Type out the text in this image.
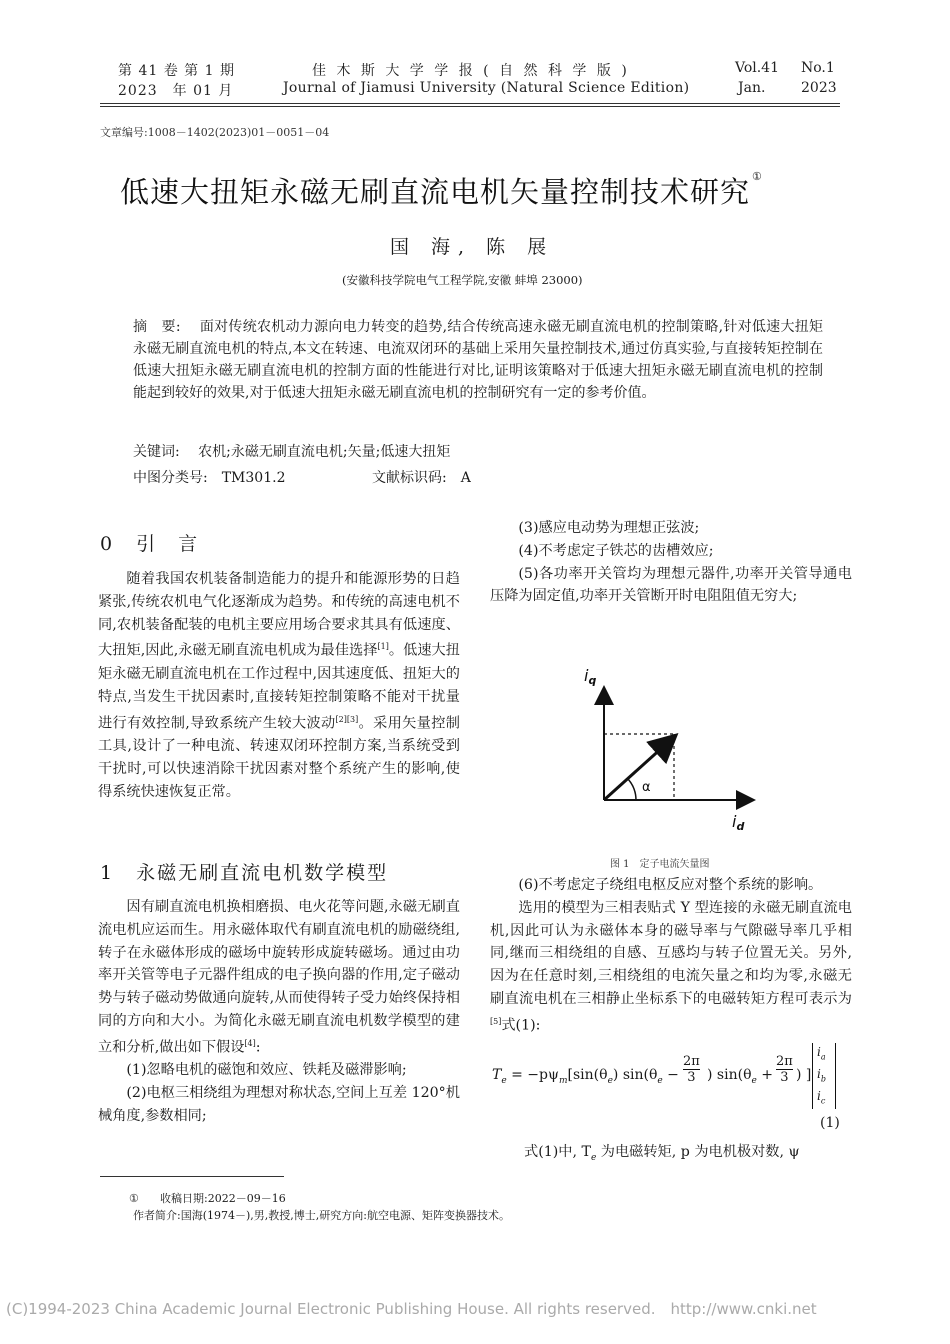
第 41 卷 第 1 期
2023　年 01 月
佳 木 斯 大 学 学 报 ( 自 然 科 学 版 )
Journal of Jiamusi University (Natural Science Edition)
Vol.41 No.1
Jan.	2023
文章编号:1008－1402(2023)01－0051－04
低速大扭矩永磁无刷直流电机矢量控制技术研究 ①
国 海, 陈 展
(安徽科技学院电气工程学院,安徽 蚌埠 23000)

摘　要:　 面对传统农机动力源向电力转变的趋势,结合传统高速永磁无刷直流电机的控制策略,针对低速大扭矩永磁无刷直流电机的特点,本文在转速、电流双闭环的基础上采用矢量控制技术,通过仿真实验,与直接转矩控制在低速大扭矩永磁无刷直流电机的控制方面的性能进行对比,证明该策略对于低速大扭矩永磁无刷直流电机的控制能起到较好的效果,对于低速大扭矩永磁无刷直流电机的控制研究有一定的参考价值。

关键词:　 农机;永磁无刷直流电机;矢量;低速大扭矩
中图分类号:　 TM301.2	文献标识码:　 A
0 引　言

随着我国农机装备制造能力的提升和能源形势的日趋紧张,传统农机电气化逐渐成为趋势。和传统的高速电机不同,农机装备配装的电机主要应用场合要求其具有低速度、大扭矩,因此,永磁无刷直流电机成为最佳选择[1]。低速大扭矩永磁无刷直流电机在工作过程中,因其速度低、扭矩大的特点,当发生干扰因素时,直接转矩控制策略不能对干扰量进行有效控制,导致系统产生较大波动[2][3]。采用矢量控制工具,设计了一种电流、转速双闭环控制方案,当系统受到干扰时,可以快速消除干扰因素对整个系统产生的影响,使得系统快速恢复正常。

1 永磁无刷直流电机数学模型

因有刷直流电机换相磨损、电火花等问题,永磁无刷直流电机应运而生。用永磁体取代有刷直流电机的励磁绕组,转子在永磁体形成的磁场中旋转形成旋转磁场。通过由功率开关管等电子元器件组成的电子换向器的作用,定子磁动势与转子磁动势做通向旋转,从而使得转子受力始终保持相同的方向和大小。为简化永磁无刷直流电机数学模型的建立和分析,做出如下假设[4]:

(1)忽略电机的磁饱和效应、铁耗及磁滞影响;

(2)电枢三相绕组为理想对称状态,空间上互差 120°机械角度,参数相同;

(3)感应电动势为理想正弦波;

(4)不考虑定子铁芯的齿槽效应;

(5)各功率开关管均为理想元器件,功率开关管导通电压降为固定值,功率开关管断开时电阻阻值无穷大;

iq
id
α
图 1　定子电流矢量图

(6)不考虑定子绕组电枢反应对整个系统的影响。

选用的模型为三相表贴式 Y 型连接的永磁无刷直流电机,因此可认为永磁体本身的磁导率与气隙磁导率几乎相同,继而三相绕组的自感、互感均与转子位置无关。另外,因为在任意时刻,三相绕组的电流矢量之和均为零,永磁无刷直流电机在三相静止坐标系下的电磁转矩方程可表示为[5]式(1):

$T_e = -p\psi_m[\sin(\theta_e) \sin(\theta_e$ −
2π
3 ) $\sin(\theta_e$ +
2π
3 ) ]
$i_a$
$i_b$
$i_c$
(1)
式(1)中, $T_e$ 为电磁转矩, p 为电机极对数, ψ
① 收稿日期:2022－09－16
作者简介:国海(1974－),男,教授,博士,研究方向:航空电源、矩阵变换器技术。
(C)1994-2023 China Academic Journal Electronic Publishing House. All rights reserved.　http://www.cnki.net
